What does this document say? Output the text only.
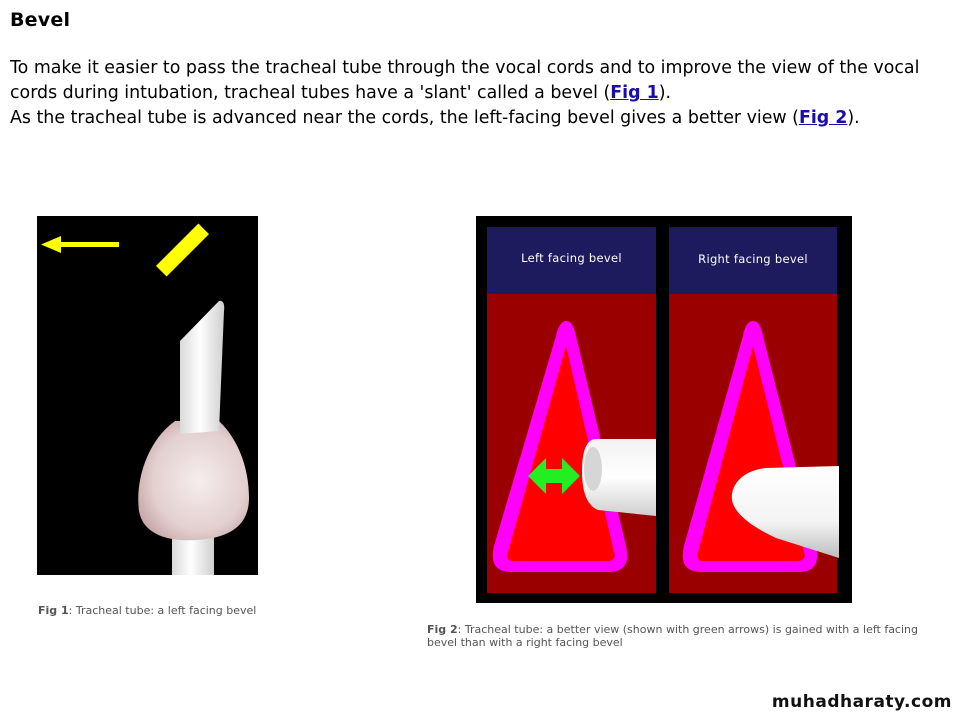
Bevel

To make it easier to pass the tracheal tube through the vocal cords and to improve the view of the vocal cords during intubation, tracheal tubes have a 'slant' called a bevel (Fig 1).

As the tracheal tube is advanced near the cords, the left-facing bevel gives a better view (Fig 2).

Fig 1: Tracheal tube: a left facing bevel
Left facing bevel	Right facing bevel
Fig 2: Tracheal tube: a better view (shown with green arrows) is gained with a left facing bevel than with a right facing bevel
muhadharaty.com
